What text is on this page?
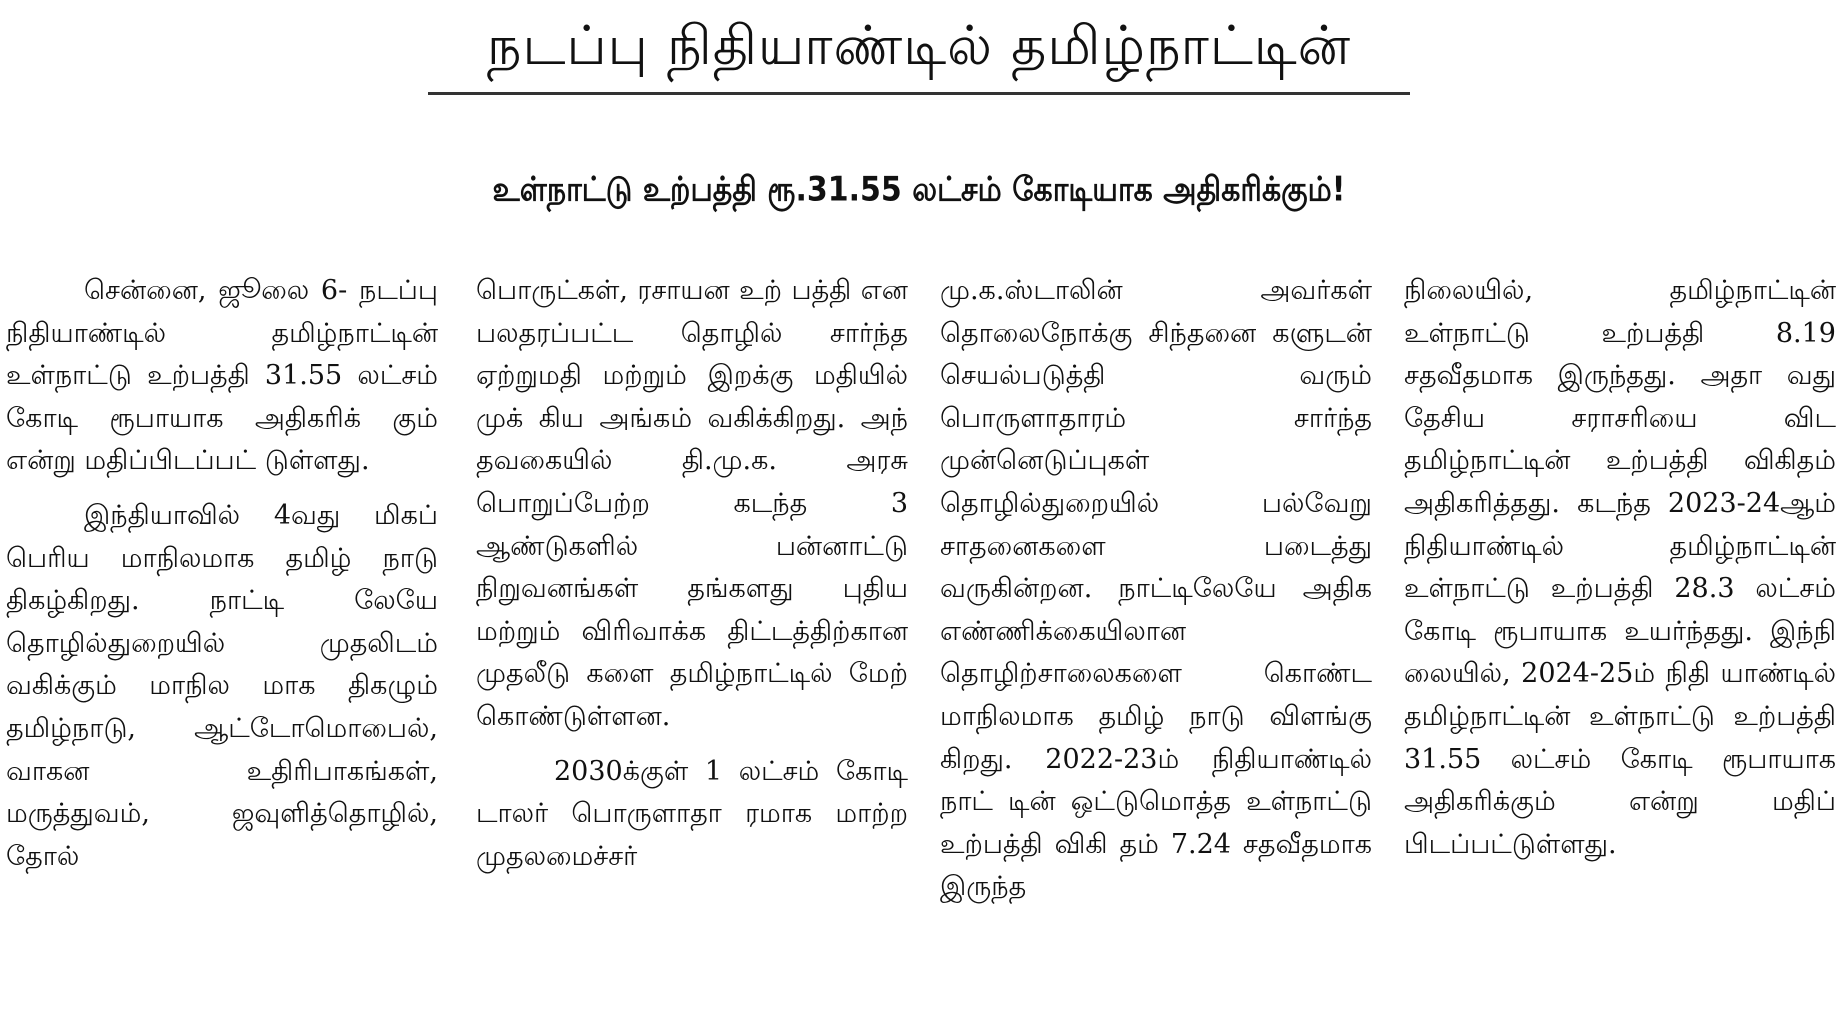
நடப்பு நிதியாண்டில் தமிழ்நாட்டின்
உள்நாட்டு உற்பத்தி ரூ.31.55 லட்சம் கோடியாக அதிகரிக்கும்!

சென்னை, ஜூலை 6- நடப்பு நிதியாண்டில் தமிழ்நாட்டின் உள்நாட்டு உற்பத்தி 31.55 லட்சம் கோடி ரூபாயாக அதிகரிக் கும் என்று மதிப்பிடப்பட் டுள்ளது.

இந்தியாவில் 4வது மிகப் பெரிய மாநிலமாக தமிழ் நாடு திகழ்கிறது. நாட்டி லேயே தொழில்துறையில் முதலிடம் வகிக்கும் மாநில மாக திகழும் தமிழ்நாடு, ஆட்டோமொபைல், வாகன உதிரிபாகங்கள், மருத்துவம், ஜவுளித்தொழில், தோல்

பொருட்கள், ரசாயன உற் பத்தி என பலதரப்பட்ட தொழில் சார்ந்த ஏற்றுமதி மற்றும் இறக்கு மதியில் முக் கிய அங்கம் வகிக்கிறது. அந் தவகையில் தி.மு.க. அரசு பொறுப்பேற்ற கடந்த 3 ஆண்டுகளில் பன்னாட்டு நிறுவனங்கள் தங்களது புதிய மற்றும் விரிவாக்க திட்டத்திற்கான முதலீடு களை தமிழ்நாட்டில் மேற் கொண்டுள்ளன.

2030க்குள் 1 லட்சம் கோடி டாலர் பொருளாதா ரமாக மாற்ற முதலமைச்சர்

மு.க.ஸ்டாலின் அவர்கள் தொலைநோக்கு சிந்தனை களுடன் செயல்படுத்தி வரும் பொருளாதாரம் சார்ந்த முன்னெடுப்புகள் தொழில்துறையில் பல்வேறு சாதனைகளை படைத்து வருகின்றன. நாட்டிலேயே அதிக எண்ணிக்கையிலான தொழிற்சாலைகளை கொண்ட மாநிலமாக தமிழ் நாடு விளங்கு கிறது. 2022-23ம் நிதியாண்டில் நாட் டின் ஒட்டுமொத்த உள்நாட்டு உற்பத்தி விகி தம் 7.24 சதவீதமாக இருந்த

நிலையில், தமிழ்நாட்டின் உள்நாட்டு உற்பத்தி 8.19 சதவீதமாக இருந்தது. அதா வது தேசிய சராசரியை விட தமிழ்நாட்டின் உற்பத்தி விகிதம் அதிகரித்தது. கடந்த 2023-24ஆம் நிதியாண்டில் தமிழ்நாட்டின் உள்நாட்டு உற்பத்தி 28.3 லட்சம் கோடி ரூபாயாக உயர்ந்தது. இந்நி லையில், 2024-25ம் நிதி யாண்டில் தமிழ்நாட்டின் உள்நாட்டு உற்பத்தி 31.55 லட்சம் கோடி ரூபாயாக அதிகரிக்கும் என்று மதிப் பிடப்பட்டுள்ளது.
